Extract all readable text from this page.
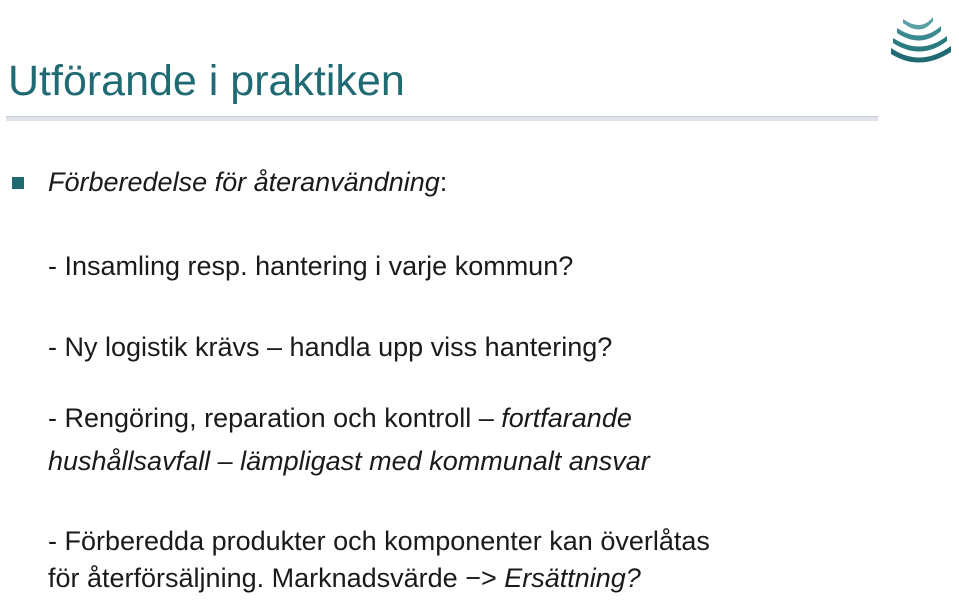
Utförande i praktiken
Förberedelse för återanvändning:
- Insamling resp. hantering i varje kommun?
- Ny logistik krävs – handla upp viss hantering?
- Rengöring, reparation och kontroll – fortfarande
hushållsavfall – lämpligast med kommunalt ansvar
- Förberedda produkter och komponenter kan överlåtas
för återförsäljning. Marknadsvärde −> Ersättning?
